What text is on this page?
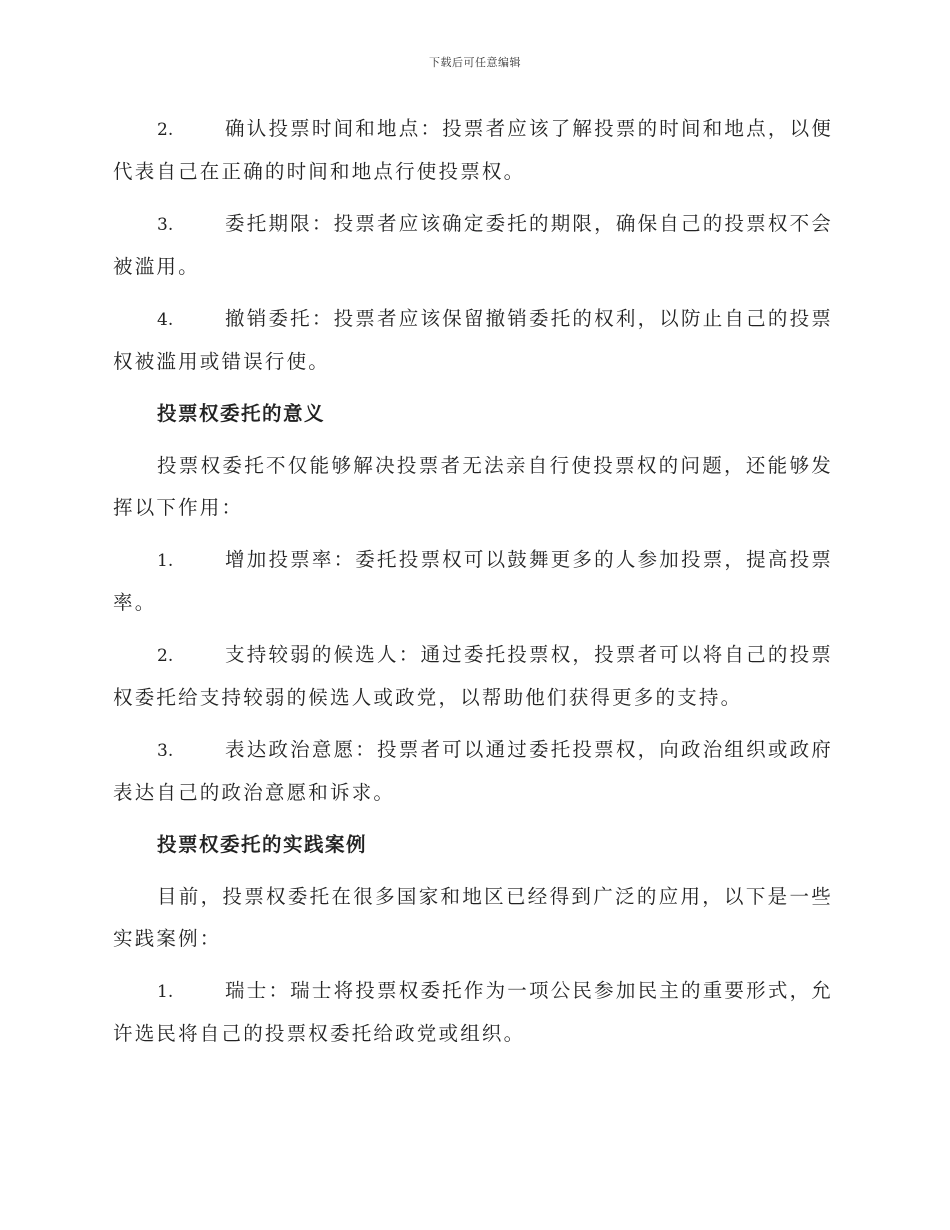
下载后可任意编辑

2.	确认投票时间和地点：投票者应该了解投票的时间和地点，以便代表自己在正确的时间和地点行使投票权。

3.	委托期限：投票者应该确定委托的期限，确保自己的投票权不会被滥用。

4.	撤销委托：投票者应该保留撤销委托的权利，以防止自己的投票权被滥用或错误行使。

投票权委托的意义

投票权委托不仅能够解决投票者无法亲自行使投票权的问题，还能够发挥以下作用：

1.	增加投票率：委托投票权可以鼓舞更多的人参加投票，提高投票率。

2.	支持较弱的候选人：通过委托投票权，投票者可以将自己的投票权委托给支持较弱的候选人或政党，以帮助他们获得更多的支持。

3.	表达政治意愿：投票者可以通过委托投票权，向政治组织或政府表达自己的政治意愿和诉求。

投票权委托的实践案例

目前，投票权委托在很多国家和地区已经得到广泛的应用，以下是一些实践案例：

1.	瑞士：瑞士将投票权委托作为一项公民参加民主的重要形式，允许选民将自己的投票权委托给政党或组织。
